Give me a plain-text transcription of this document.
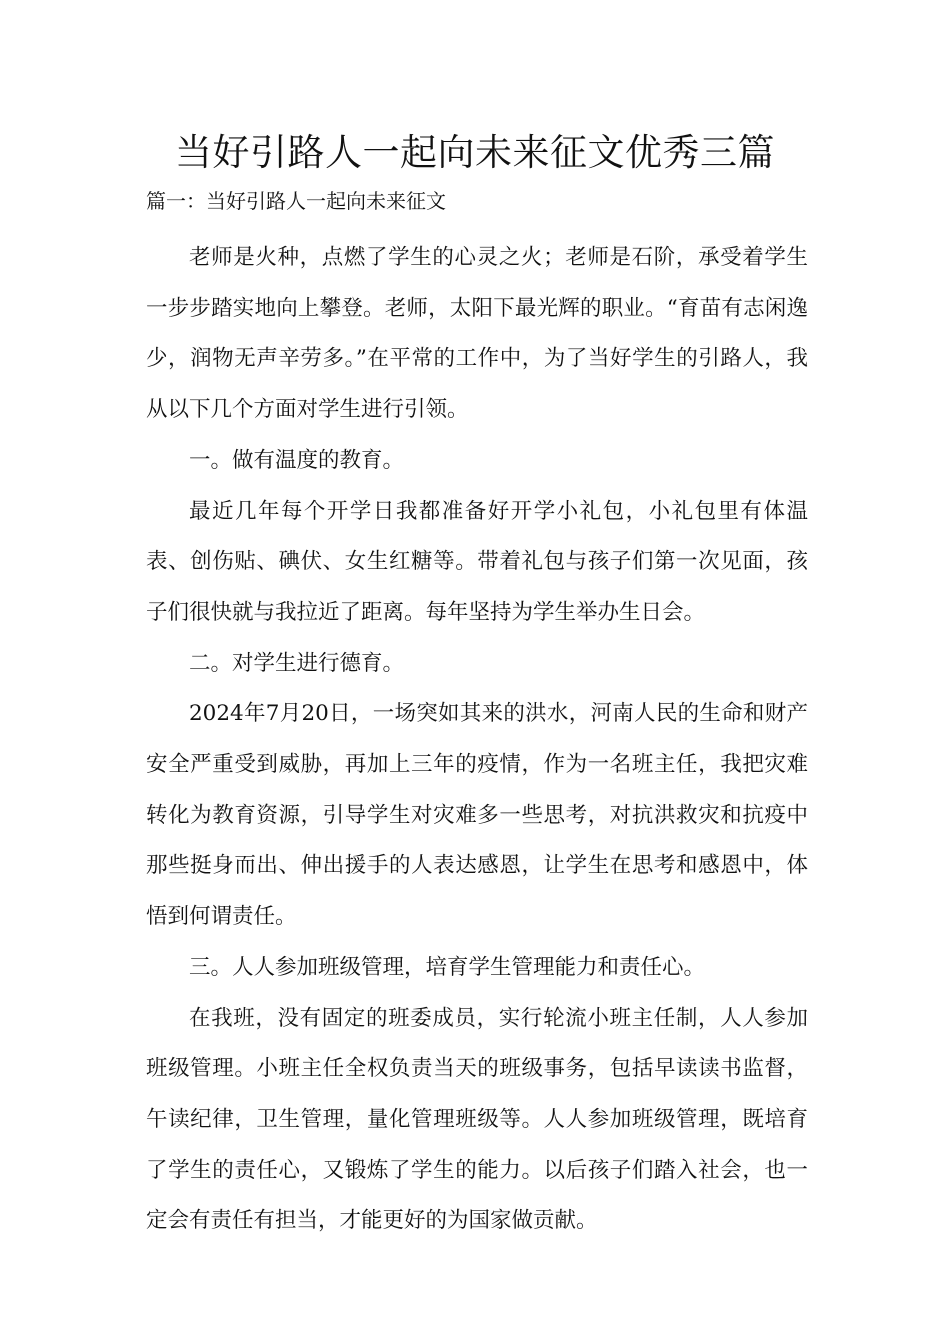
当好引路人一起向未来征文优秀三篇
篇一：当好引路人一起向未来征文

老师是火种，点燃了学生的心灵之火；老师是石阶，承受着学生一步步踏实地向上攀登。老师，太阳下最光辉的职业。“育苗有志闲逸少，润物无声辛劳多。”在平常的工作中，为了当好学生的引路人，我从以下几个方面对学生进行引领。

一。做有温度的教育。

最近几年每个开学日我都准备好开学小礼包，小礼包里有体温表、创伤贴、碘伏、女生红糖等。带着礼包与孩子们第一次见面，孩子们很快就与我拉近了距离。每年坚持为学生举办生日会。

二。对学生进行德育。

2024年7月20日，一场突如其来的洪水，河南人民的生命和财产安全严重受到威胁，再加上三年的疫情，作为一名班主任，我把灾难转化为教育资源，引导学生对灾难多一些思考，对抗洪救灾和抗疫中那些挺身而出、伸出援手的人表达感恩，让学生在思考和感恩中，体悟到何谓责任。

三。人人参加班级管理，培育学生管理能力和责任心。

在我班，没有固定的班委成员，实行轮流小班主任制，人人参加班级管理。小班主任全权负责当天的班级事务，包括早读读书监督，午读纪律，卫生管理，量化管理班级等。人人参加班级管理，既培育了学生的责任心，又锻炼了学生的能力。以后孩子们踏入社会，也一定会有责任有担当，才能更好的为国家做贡献。
